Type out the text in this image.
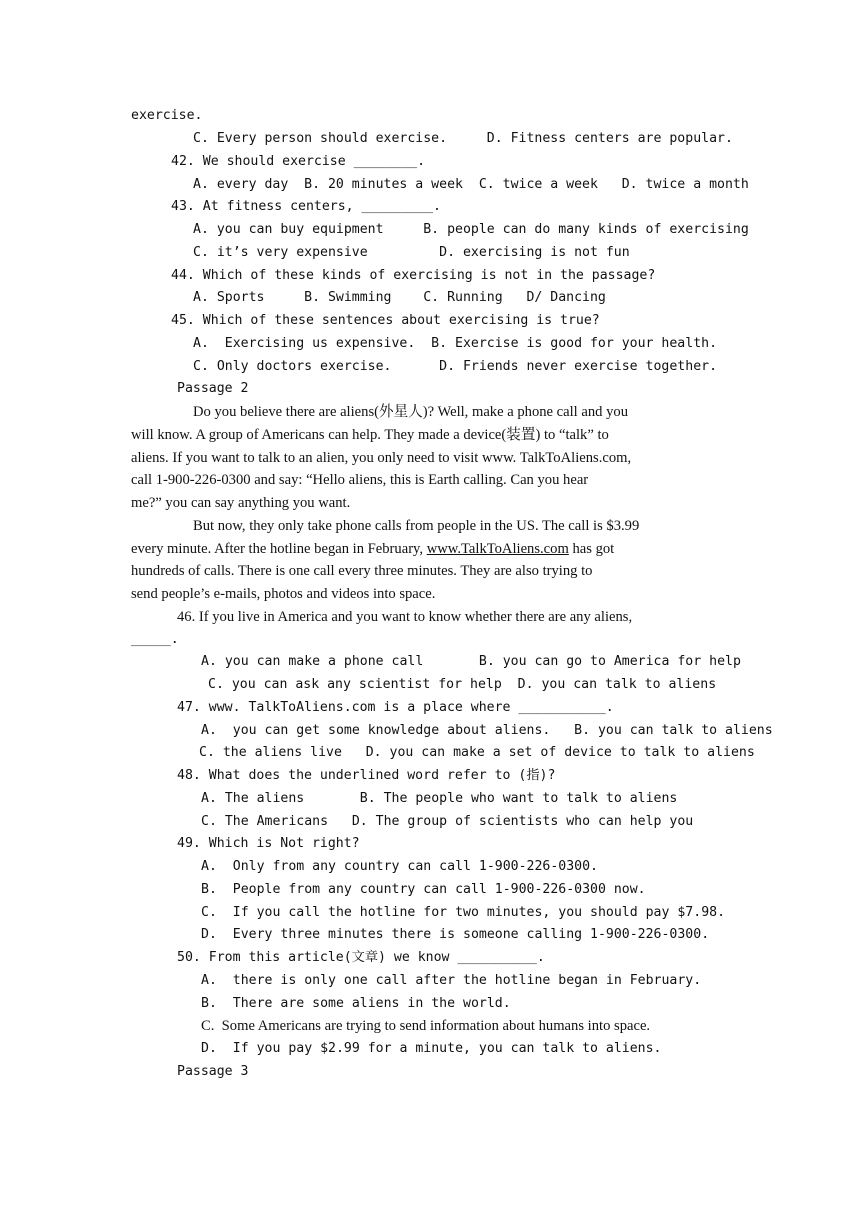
exercise.
C. Every person should exercise.     D. Fitness centers are popular.
42. We should exercise ________.
A. every day  B. 20 minutes a week  C. twice a week   D. twice a month
43. At fitness centers, _________.
A. you can buy equipment     B. people can do many kinds of exercising
C. it’s very expensive         D. exercising is not fun
44. Which of these kinds of exercising is not in the passage?
A. Sports     B. Swimming    C. Running   D/ Dancing
45. Which of these sentences about exercising is true?
A.  Exercising us expensive.  B. Exercise is good for your health.
C. Only doctors exercise.      D. Friends never exercise together.
Passage 2
Do you believe there are aliens(外星人)? Well, make a phone call and you
will know. A group of Americans can help. They made a device(装置) to “talk” to
aliens. If you want to talk to an alien, you only need to visit www. TalkToAliens.com,
call 1-900-226-0300 and say: “Hello aliens, this is Earth calling. Can you hear
me?” you can say anything you want.
But now, they only take phone calls from people in the US. The call is $3.99
every minute. After the hotline began in February, www.TalkToAliens.com has got
hundreds of calls. There is one call every three minutes. They are also trying to
send people’s e-mails, photos and videos into space.
46. If you live in America and you want to know whether there are any aliens,
_____.
A. you can make a phone call       B. you can go to America for help
C. you can ask any scientist for help  D. you can talk to aliens
47. www. TalkToAliens.com is a place where ___________.
A.  you can get some knowledge about aliens.   B. you can talk to aliens
C. the aliens live   D. you can make a set of device to talk to aliens
48. What does the underlined word refer to (指)?
A. The aliens       B. The people who want to talk to aliens
C. The Americans   D. The group of scientists who can help you
49. Which is Not right?
A.  Only from any country can call 1-900-226-0300.
B.  People from any country can call 1-900-226-0300 now.
C.  If you call the hotline for two minutes, you should pay $7.98.
D.  Every three minutes there is someone calling 1-900-226-0300.
50. From this article(文章) we know __________.
A.  there is only one call after the hotline began in February.
B.  There are some aliens in the world.
C.  Some Americans are trying to send information about humans into space.
D.  If you pay $2.99 for a minute, you can talk to aliens.
Passage 3
